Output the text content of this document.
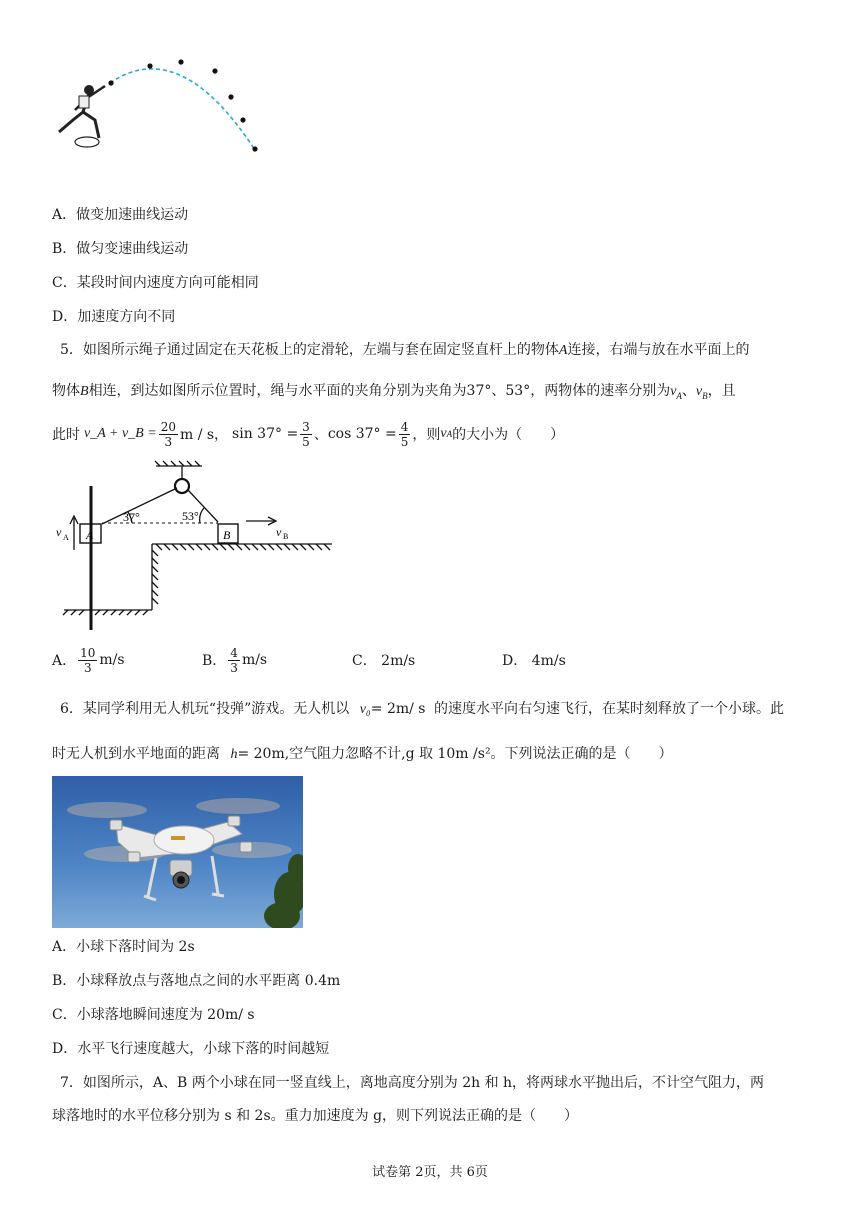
A．做变加速曲线运动
B．做匀变速曲线运动
C．某段时间内速度方向可能相同
D．加速度方向不同
5．如图所示绳子通过固定在天花板上的定滑轮，左端与套在固定竖直杆上的物体A连接，右端与放在水平面上的
物体B相连，到达如图所示位置时，绳与水平面的夹角分别为夹角为37°、53°，两物体的速率分别为$v_A$、$v_B$，且
此时 v_A + v_B = $\frac{20}{3}$ m / s， $\sin 37^\circ = \frac{3}{5}$ 、 $\cos 37^\circ = \frac{4}{5}$ ，则 v A 的大小为（　　）
37°	53°
A	B
v A	v B
A． $\frac{10}{3} m/s$	B． $\frac{4}{3} m/s$	C． 2m/s	D． 4m/s
6．某同学利用无人机玩“投弹”游戏。无人机以 v₀= 2m/ s 的速度水平向右匀速飞行，在某时刻释放了一个小球。此
时无人机到水平地面的距离 h= 20m,空气阻力忽略不计,g 取 10m /s²。下列说法正确的是（　　）
A．小球下落时间为 2s
B．小球释放点与落地点之间的水平距离 0.4m
C．小球落地瞬间速度为 20m/ s
D．水平飞行速度越大，小球下落的时间越短
7．如图所示，A、B 两个小球在同一竖直线上，离地高度分别为 2h 和 h，将两球水平抛出后，不计空气阻力，两
球落地时的水平位移分别为 s 和 2s。重力加速度为 g，则下列说法正确的是（　　）
试卷第 2页，共 6页
